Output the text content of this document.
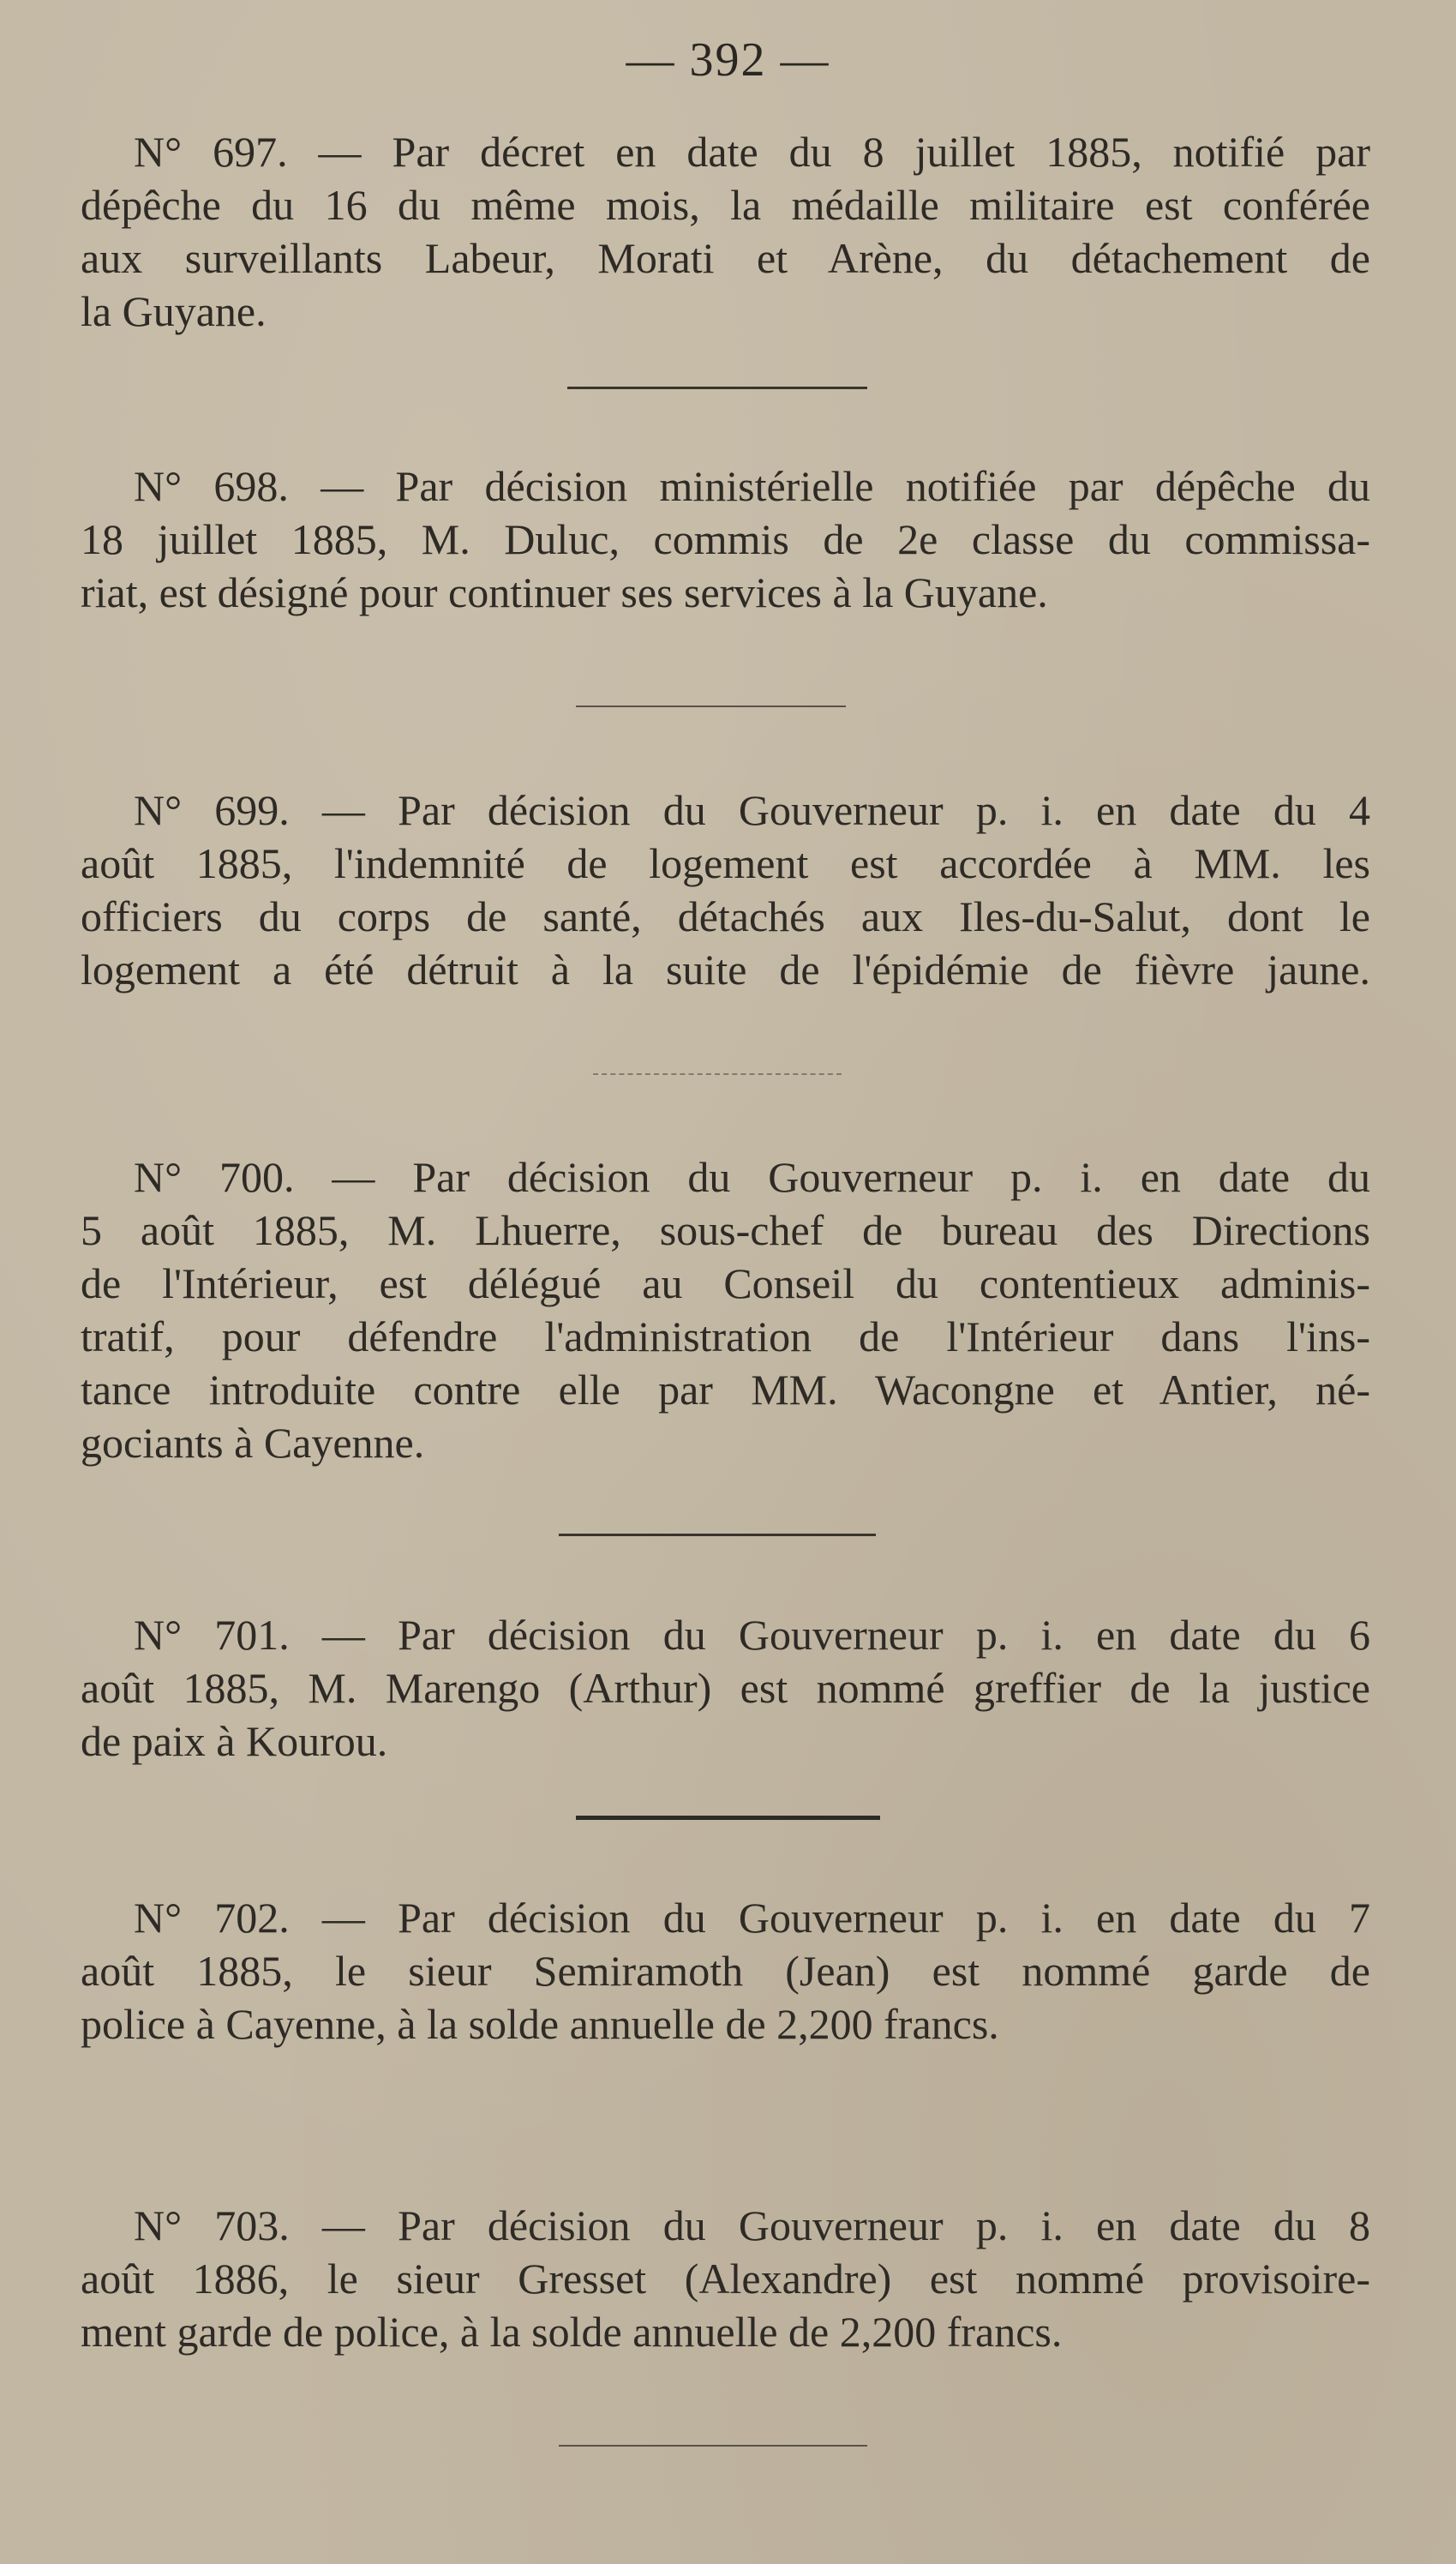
— 392 —
N° 697. — Par décret en date du 8 juillet 1885, notifié par
dépêche du 16 du même mois, la médaille militaire est conférée
aux surveillants Labeur, Morati et Arène, du détachement de
la Guyane.
N° 698. — Par décision ministérielle notifiée par dépêche du
18 juillet 1885, M. Duluc, commis de 2e classe du commissa-
riat, est désigné pour continuer ses services à la Guyane.
N° 699. — Par décision du Gouverneur p. i. en date du 4
août 1885, l'indemnité de logement est accordée à MM. les
officiers du corps de santé, détachés aux Iles-du-Salut, dont le
logement a été détruit à la suite de l'épidémie de fièvre jaune.
N° 700. — Par décision du Gouverneur p. i. en date du
5 août 1885, M. Lhuerre, sous-chef de bureau des Directions
de l'Intérieur, est délégué au Conseil du contentieux adminis-
tratif, pour défendre l'administration de l'Intérieur dans l'ins-
tance introduite contre elle par MM. Wacongne et Antier, né-
gociants à Cayenne.
N° 701. — Par décision du Gouverneur p. i. en date du 6
août 1885, M. Marengo (Arthur) est nommé greffier de la justice
de paix à Kourou.
N° 702. — Par décision du Gouverneur p. i. en date du 7
août 1885, le sieur Semiramoth (Jean) est nommé garde de
police à Cayenne, à la solde annuelle de 2,200 francs.
N° 703. — Par décision du Gouverneur p. i. en date du 8
août 1886, le sieur Gresset (Alexandre) est nommé provisoire-
ment garde de police, à la solde annuelle de 2,200 francs.
